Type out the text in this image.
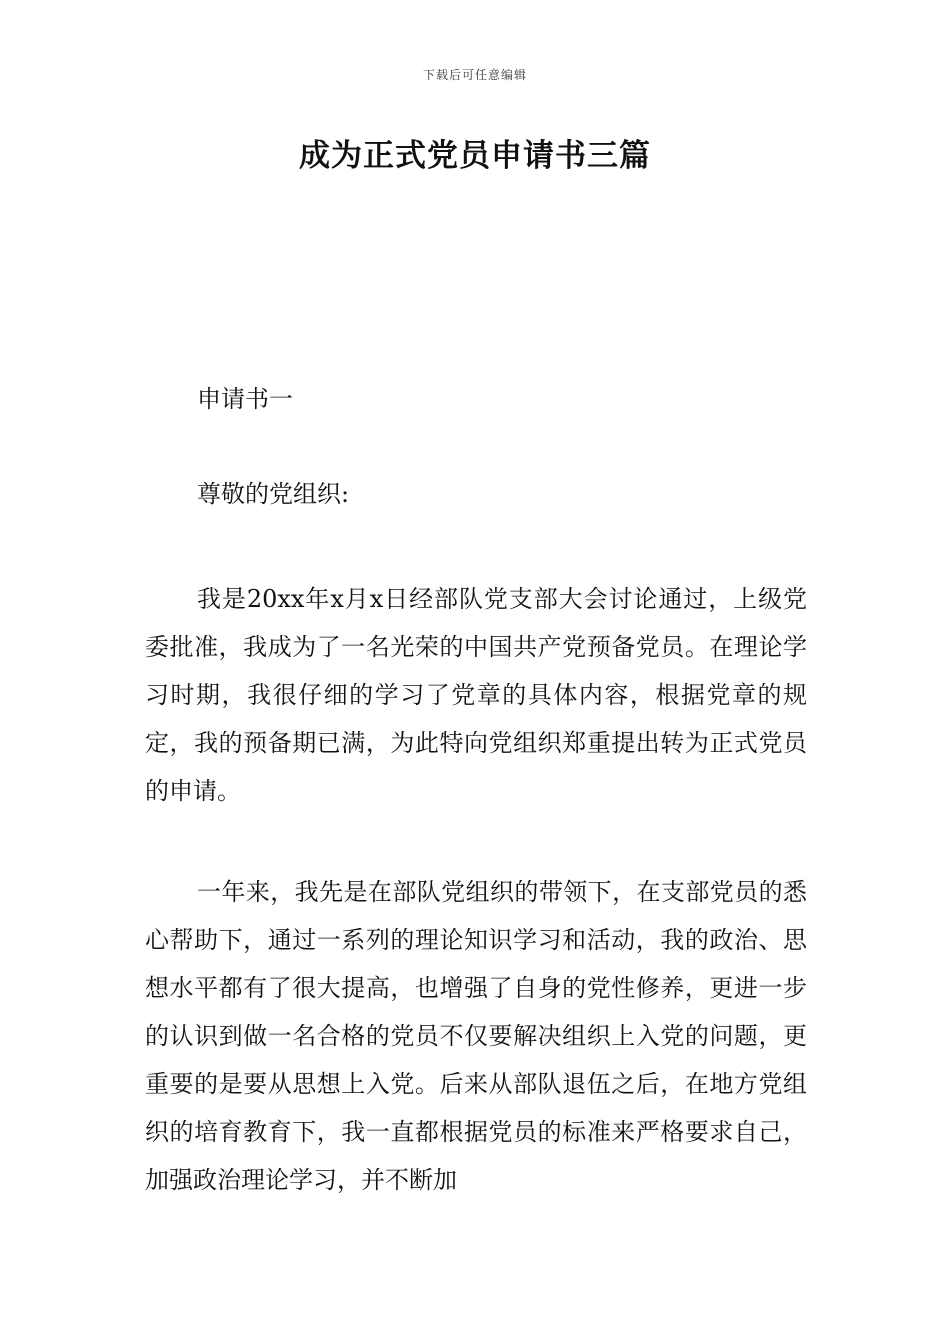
下载后可任意编辑
成为正式党员申请书三篇
申请书一
尊敬的党组织:
我是20xx年x月x日经部队党支部大会讨论通过，上级党委批准，我成为了一名光荣的中国共产党预备党员。在理论学习时期，我很仔细的学习了党章的具体内容，根据党章的规定，我的预备期已满，为此特向党组织郑重提出转为正式党员的申请。
一年来，我先是在部队党组织的带领下，在支部党员的悉心帮助下，通过一系列的理论知识学习和活动，我的政治、思想水平都有了很大提高，也增强了自身的党性修养，更进一步的认识到做一名合格的党员不仅要解决组织上入党的问题，更重要的是要从思想上入党。后来从部队退伍之后，在地方党组织的培育教育下，我一直都根据党员的标准来严格要求自己，加强政治理论学习，并不断加
